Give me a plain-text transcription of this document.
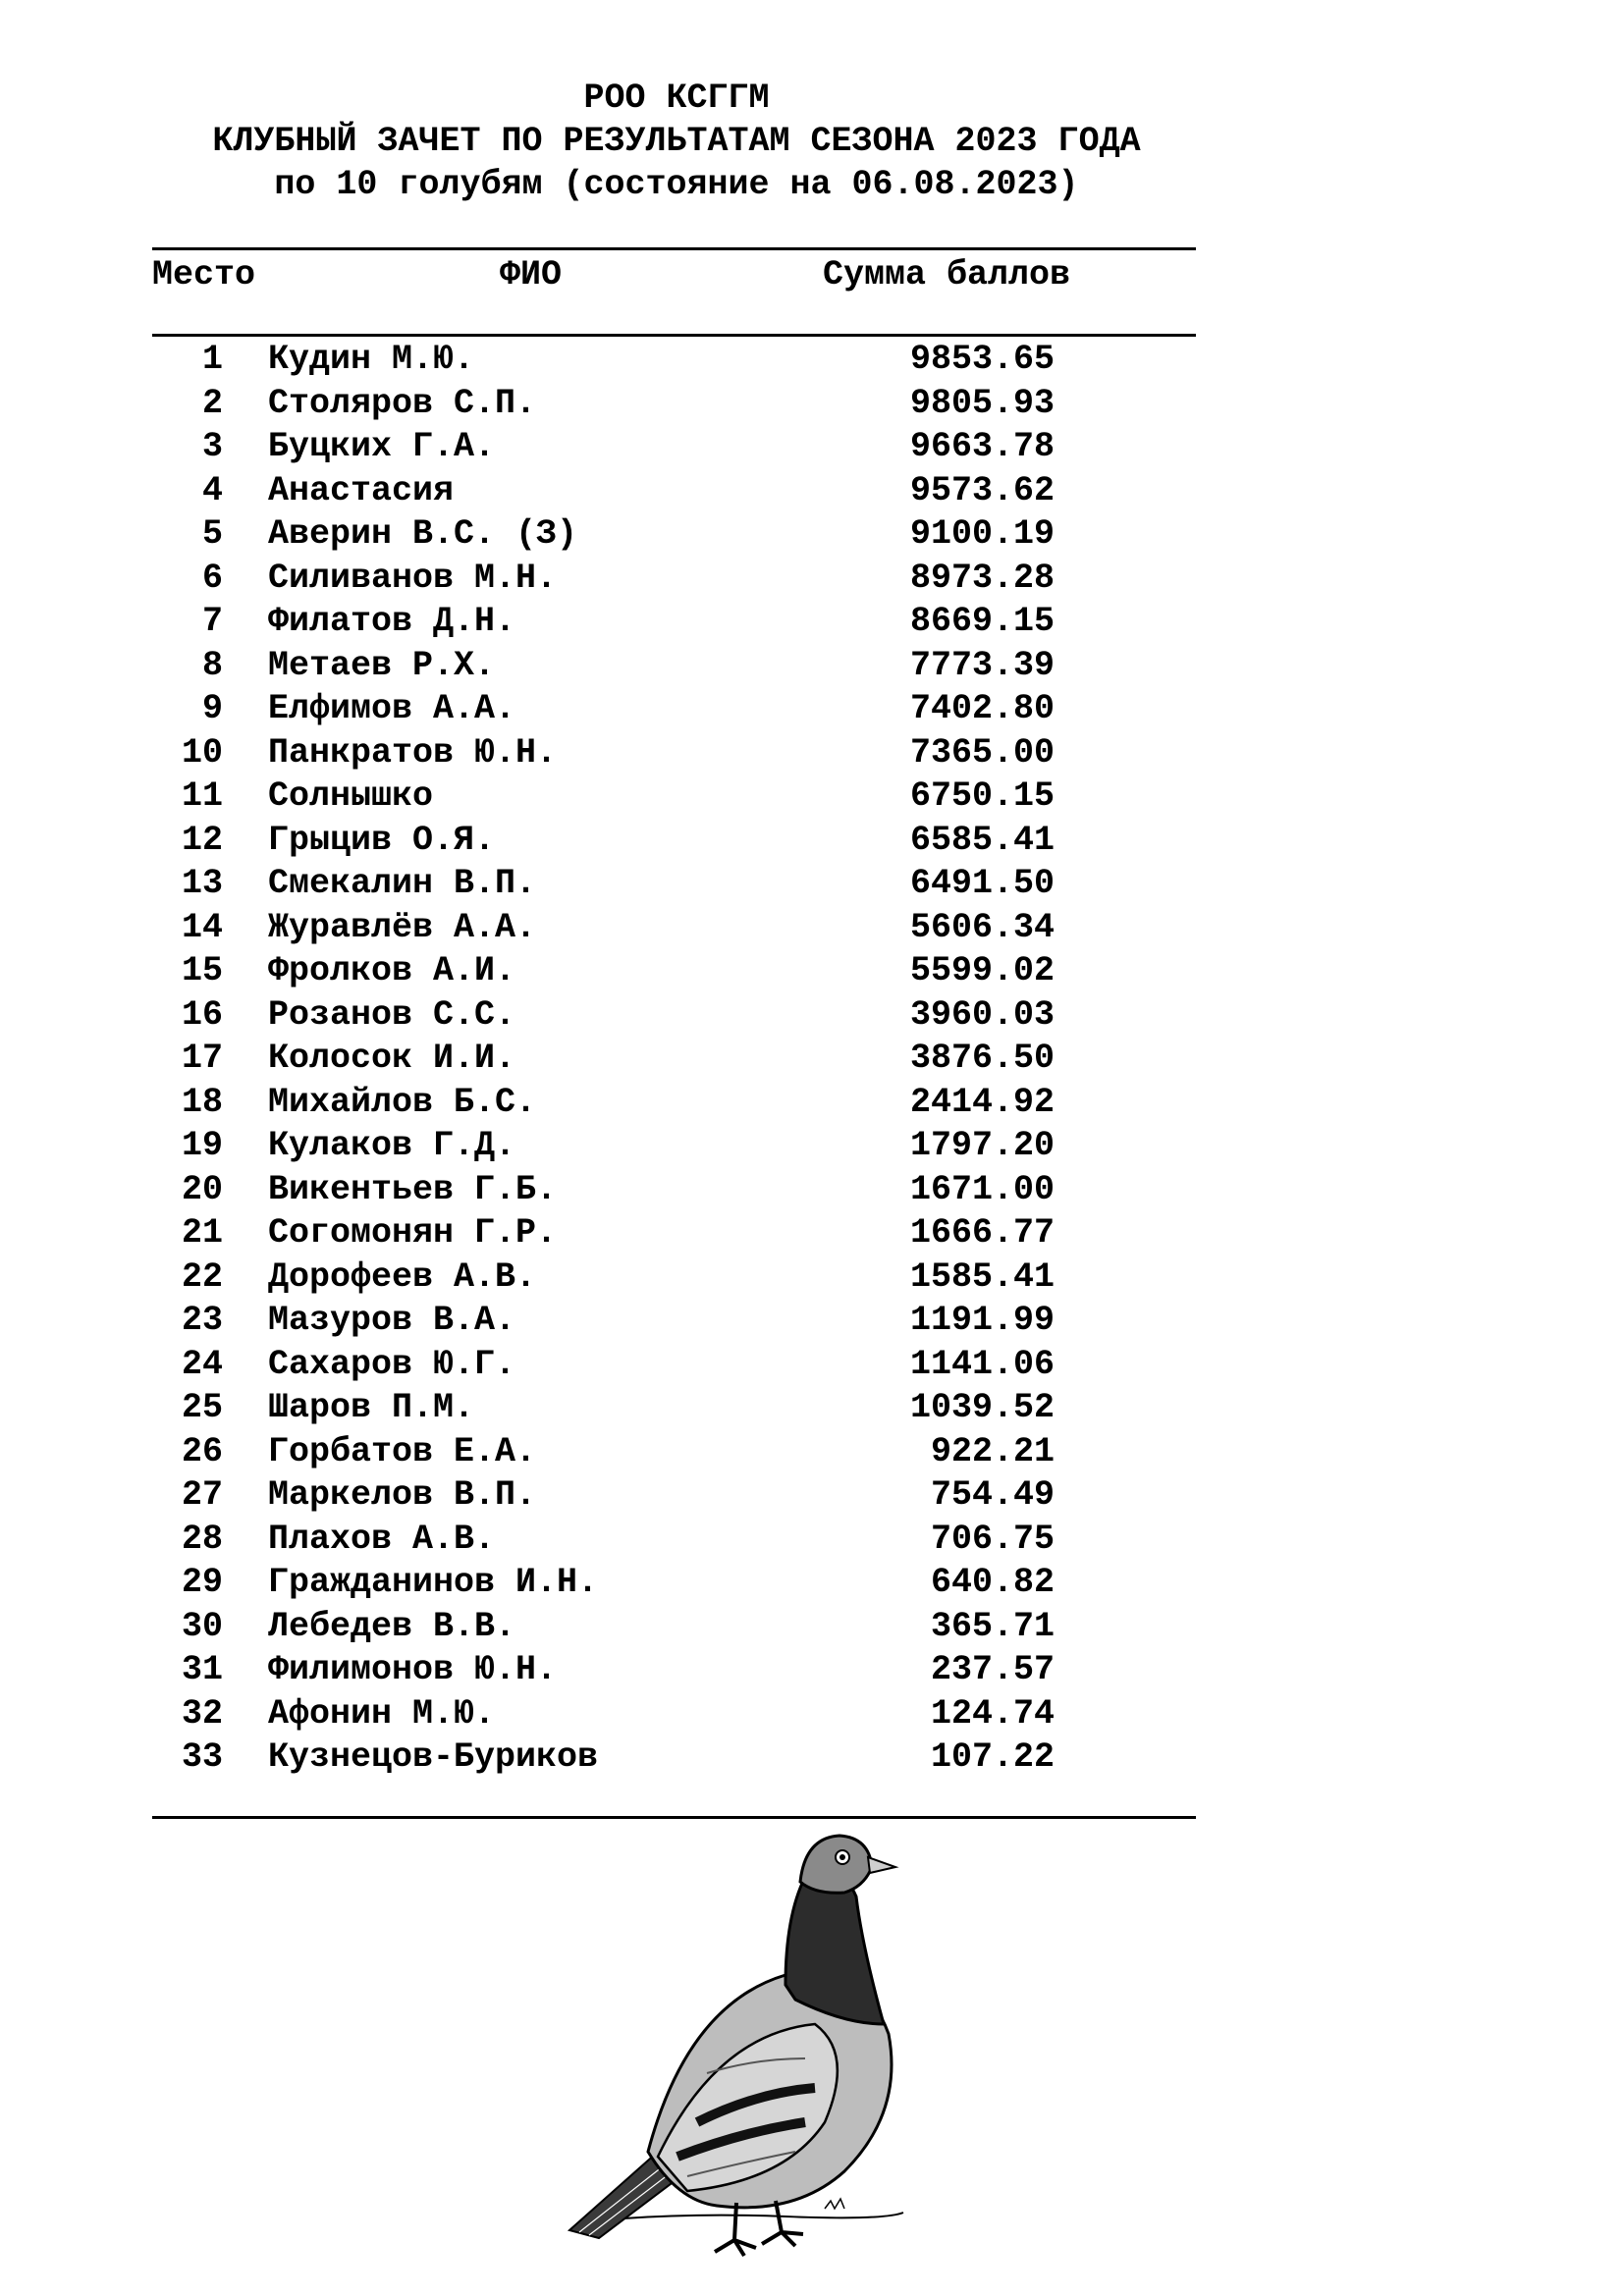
РОО КСГГМ
КЛУБНЫЙ ЗАЧЕТ ПО РЕЗУЛЬТАТАМ СЕЗОНА 2023 ГОДА
по 10 голубям (состояние на 06.08.2023)
Место	ФИО	Сумма баллов
1 Кудин М.Ю.	9853.65
2 Столяров С.П.	9805.93
3 Буцких Г.А.	9663.78
4 Анастасия	9573.62
5 Аверин В.С. (З)	9100.19
6 Силиванов М.Н.	8973.28
7 Филатов Д.Н.	8669.15
8 Метаев Р.Х.	7773.39
9 Елфимов А.А.	7402.80
10 Панкратов Ю.Н.	7365.00
11 Солнышко	6750.15
12 Грыцив О.Я.	6585.41
13 Смекалин В.П.	6491.50
14 Журавлёв А.А.	5606.34
15 Фролков А.И.	5599.02
16 Розанов С.С.	3960.03
17 Колосок И.И.	3876.50
18 Михайлов Б.С.	2414.92
19 Кулаков Г.Д.	1797.20
20 Викентьев Г.Б.	1671.00
21 Согомонян Г.Р.	1666.77
22 Дорофеев А.В.	1585.41
23 Мазуров В.А.	1191.99
24 Сахаров Ю.Г.	1141.06
25 Шаров П.М.	1039.52
26 Горбатов Е.А.	922.21
27 Маркелов В.П.	754.49
28 Плахов А.В.	706.75
29 Гражданинов И.Н.	640.82
30 Лебедев В.В.	365.71
31 Филимонов Ю.Н.	237.57
32 Афонин М.Ю.	124.74
33 Кузнецов-Буриков	107.22
